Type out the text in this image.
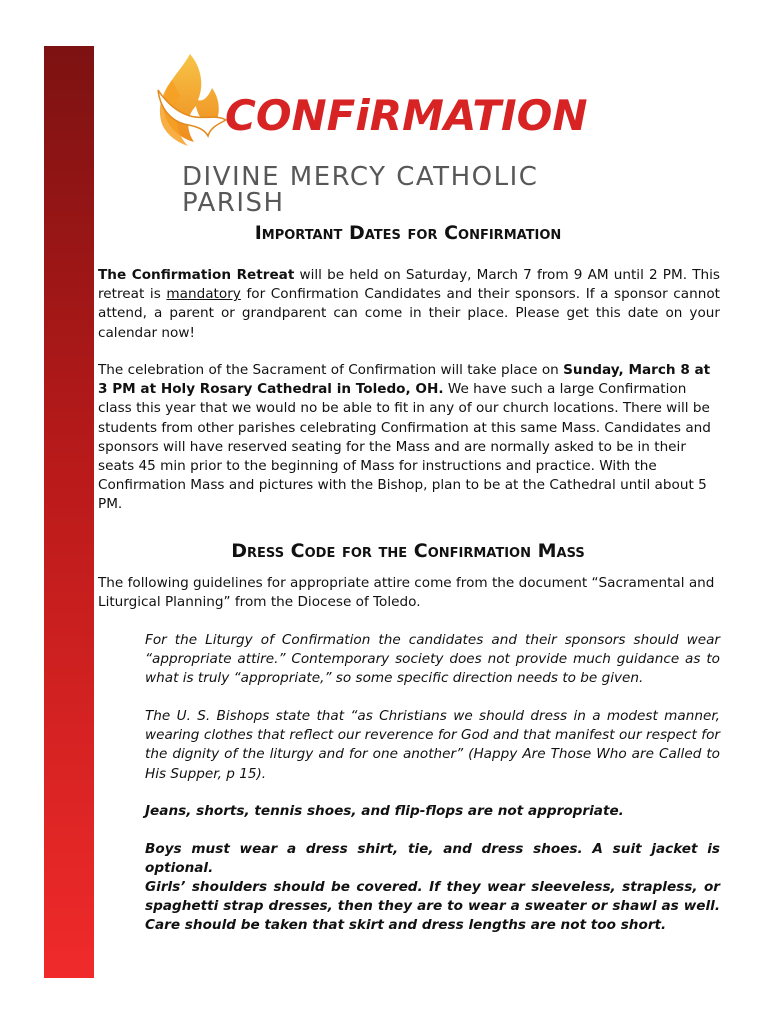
CONFiRMATION
DIVINE MERCY CATHOLIC PARISH
Important Dates for Confirmation

The Confirmation Retreat will be held on Saturday, March 7 from 9 AM until 2 PM. This retreat is mandatory for Confirmation Candidates and their sponsors. If a sponsor cannot attend, a parent or grandparent can come in their place. Please get this date on your calendar now!

The celebration of the Sacrament of Confirmation will take place on Sunday, March 8 at 3 PM at Holy Rosary Cathedral in Toledo, OH. We have such a large Confirmation class this year that we would no be able to fit in any of our church locations. There will be students from other parishes celebrating Confirmation at this same Mass. Candidates and sponsors will have reserved seating for the Mass and are normally asked to be in their seats 45 min prior to the beginning of Mass for instructions and practice. With the Confirmation Mass and pictures with the Bishop, plan to be at the Cathedral until about 5 PM.

Dress Code for the Confirmation Mass

The following guidelines for appropriate attire come from the document “Sacramental and Liturgical Planning” from the Diocese of Toledo.

For the Liturgy of Confirmation the candidates and their sponsors should wear “appropriate attire.” Contemporary society does not provide much guidance as to what is truly “appropriate,” so some specific direction needs to be given.

The U. S. Bishops state that “as Christians we should dress in a modest manner, wearing clothes that reflect our reverence for God and that manifest our respect for the dignity of the liturgy and for one another” (Happy Are Those Who are Called to His Supper, p 15).

Jeans, shorts, tennis shoes, and flip-flops are not appropriate.

Boys must wear a dress shirt, tie, and dress shoes. A suit jacket is optional.

Girls’ shoulders should be covered. If they wear sleeveless, strapless, or spaghetti strap dresses, then they are to wear a sweater or shawl as well. Care should be taken that skirt and dress lengths are not too short.
